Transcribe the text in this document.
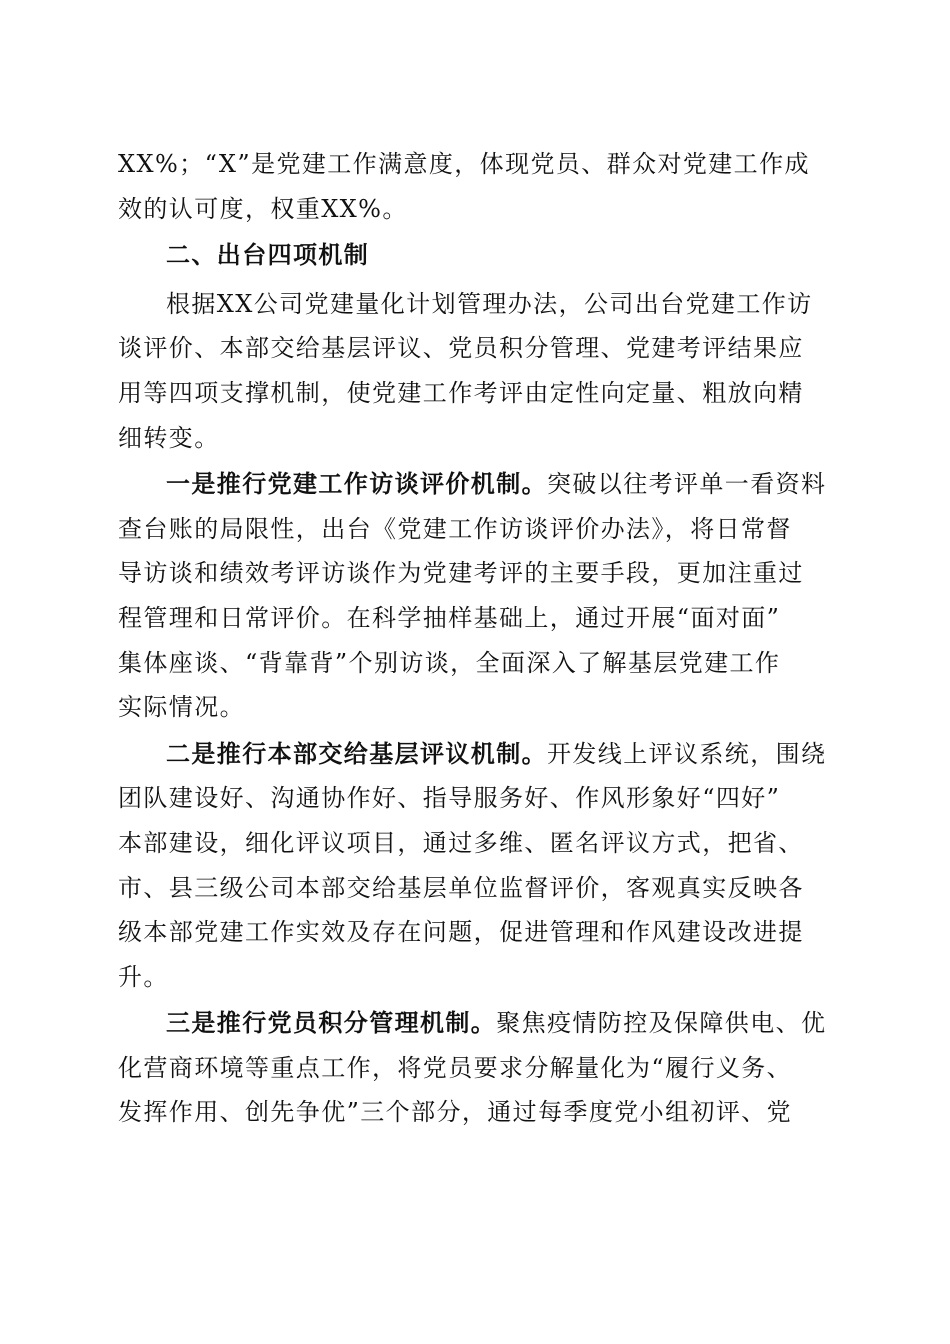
XX%；“X”是党建工作满意度，体现党员、群众对党建工作成
效的认可度，权重XX%。

二、出台四项机制

根据XX公司党建量化计划管理办法，公司出台党建工作访
谈评价、本部交给基层评议、党员积分管理、党建考评结果应
用等四项支撑机制，使党建工作考评由定性向定量、粗放向精
细转变。

一是推行党建工作访谈评价机制。突破以往考评单一看资料
查台账的局限性，出台《党建工作访谈评价办法》，将日常督
导访谈和绩效考评访谈作为党建考评的主要手段，更加注重过
程管理和日常评价。在科学抽样基础上，通过开展“面对面”
集体座谈、“背靠背”个别访谈，全面深入了解基层党建工作
实际情况。

二是推行本部交给基层评议机制。开发线上评议系统，围绕
团队建设好、沟通协作好、指导服务好、作风形象好“四好”
本部建设，细化评议项目，通过多维、匿名评议方式，把省、
市、县三级公司本部交给基层单位监督评价，客观真实反映各
级本部党建工作实效及存在问题，促进管理和作风建设改进提
升。

三是推行党员积分管理机制。聚焦疫情防控及保障供电、优
化营商环境等重点工作，将党员要求分解量化为“履行义务、
发挥作用、创先争优”三个部分，通过每季度党小组初评、党
